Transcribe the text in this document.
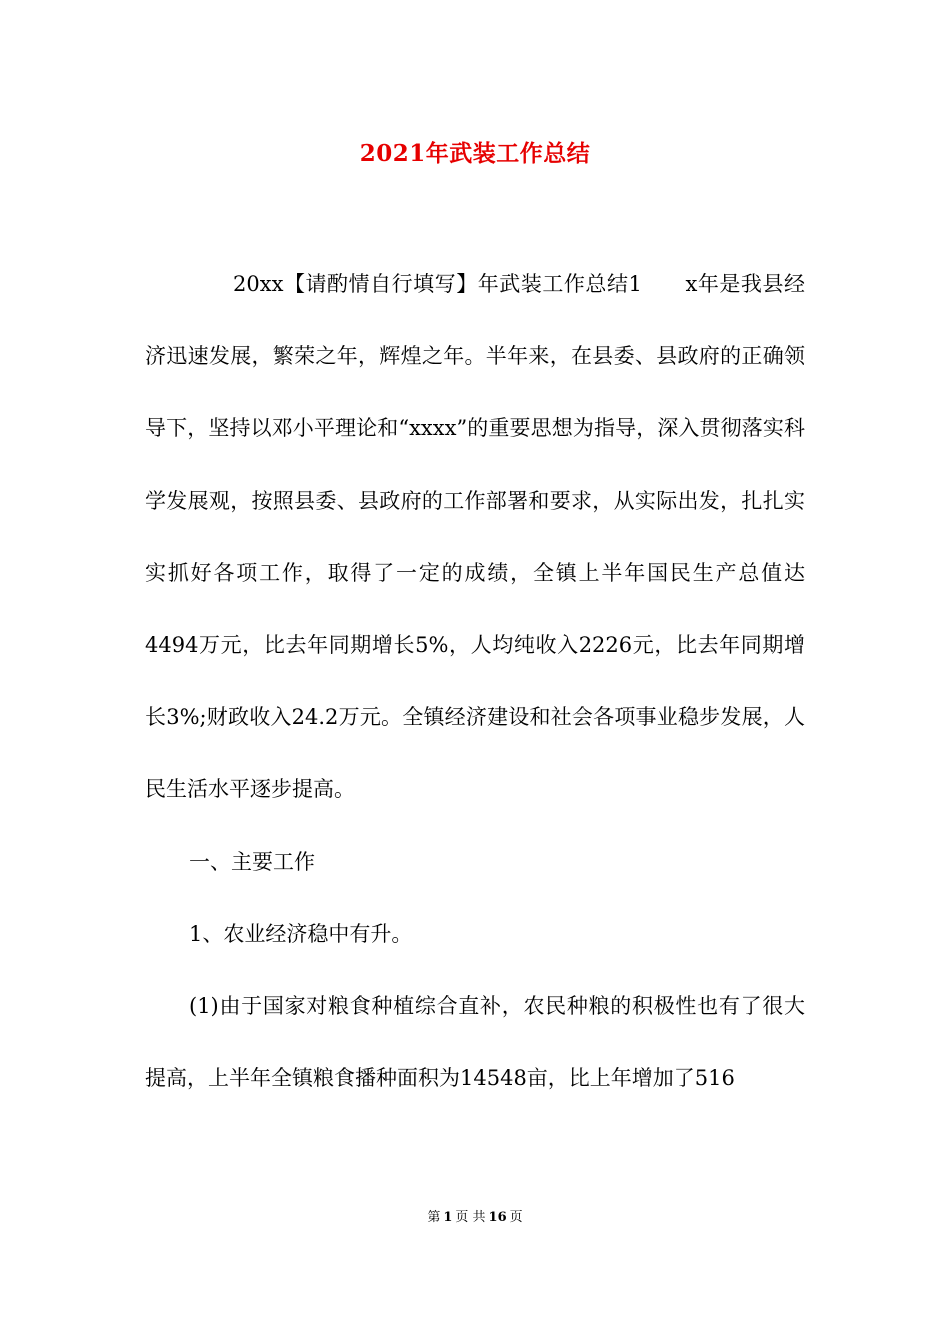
2021年武装工作总结

20xx【请酌情自行填写】年武装工作总结1　　x年是我县经济迅速发展，繁荣之年，辉煌之年。半年来，在县委、县政府的正确领导下，坚持以邓小平理论和“xxxx”的重要思想为指导，深入贯彻落实科学发展观，按照县委、县政府的工作部署和要求，从实际出发，扎扎实实抓好各项工作，取得了一定的成绩，全镇上半年国民生产总值达4494万元，比去年同期增长5%，人均纯收入2226元，比去年同期增长3%;财政收入24.2万元。全镇经济建设和社会各项事业稳步发展，人民生活水平逐步提高。

一、主要工作

1、农业经济稳中有升。

(1)由于国家对粮食种植综合直补，农民种粮的积极性也有了很大提高，上半年全镇粮食播种面积为14548亩，比上年增加了516

第 1 页 共 16 页
